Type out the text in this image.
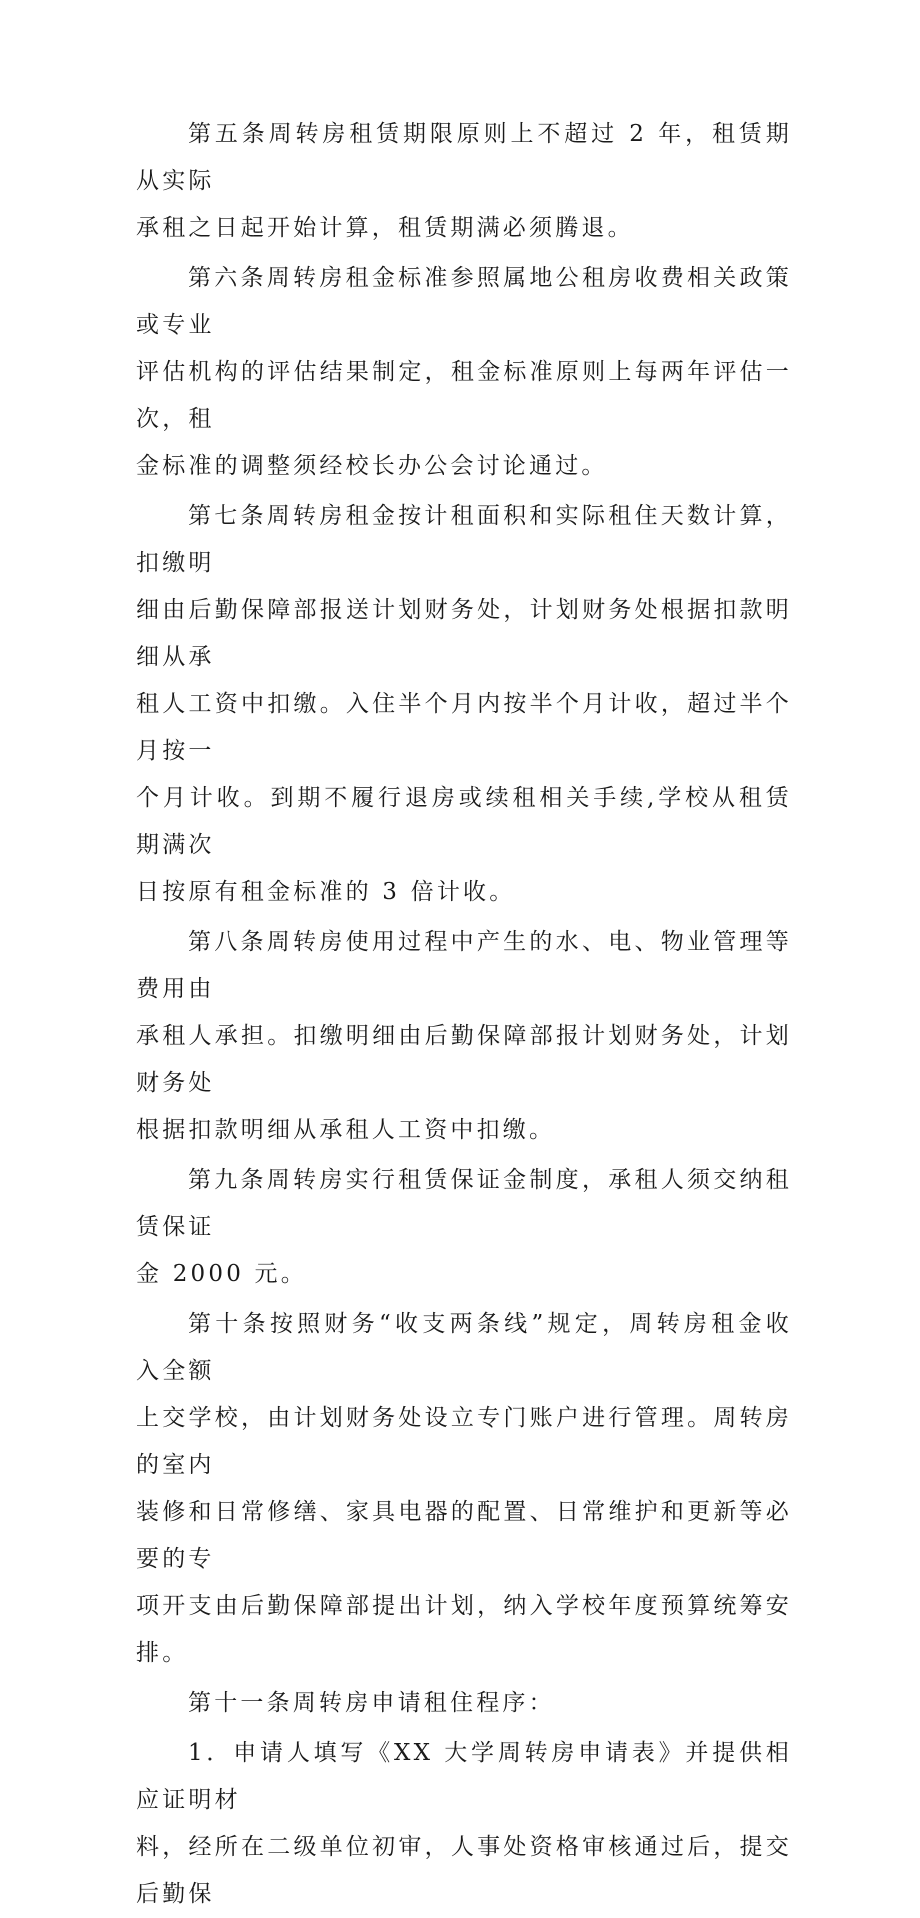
第五条周转房租赁期限原则上不超过 2 年，租赁期从实际
承租之日起开始计算，租赁期满必须腾退。

第六条周转房租金标准参照属地公租房收费相关政策或专业
评估机构的评估结果制定，租金标准原则上每两年评估一次，租
金标准的调整须经校长办公会讨论通过。

第七条周转房租金按计租面积和实际租住天数计算，扣缴明
细由后勤保障部报送计划财务处，计划财务处根据扣款明细从承
租人工资中扣缴。入住半个月内按半个月计收，超过半个月按一
个月计收。到期不履行退房或续租相关手续,学校从租赁期满次
日按原有租金标准的 3 倍计收。

第八条周转房使用过程中产生的水、电、物业管理等费用由
承租人承担。扣缴明细由后勤保障部报计划财务处，计划财务处
根据扣款明细从承租人工资中扣缴。

第九条周转房实行租赁保证金制度，承租人须交纳租赁保证
金 2000 元。

第十条按照财务“收支两条线”规定，周转房租金收入全额
上交学校，由计划财务处设立专门账户进行管理。周转房的室内
装修和日常修缮、家具电器的配置、日常维护和更新等必要的专
项开支由后勤保障部提出计划，纳入学校年度预算统筹安排。

第十一条周转房申请租住程序：

1．申请人填写《XX 大学周转房申请表》并提供相应证明材
料，经所在二级单位初审，人事处资格审核通过后，提交后勤保
